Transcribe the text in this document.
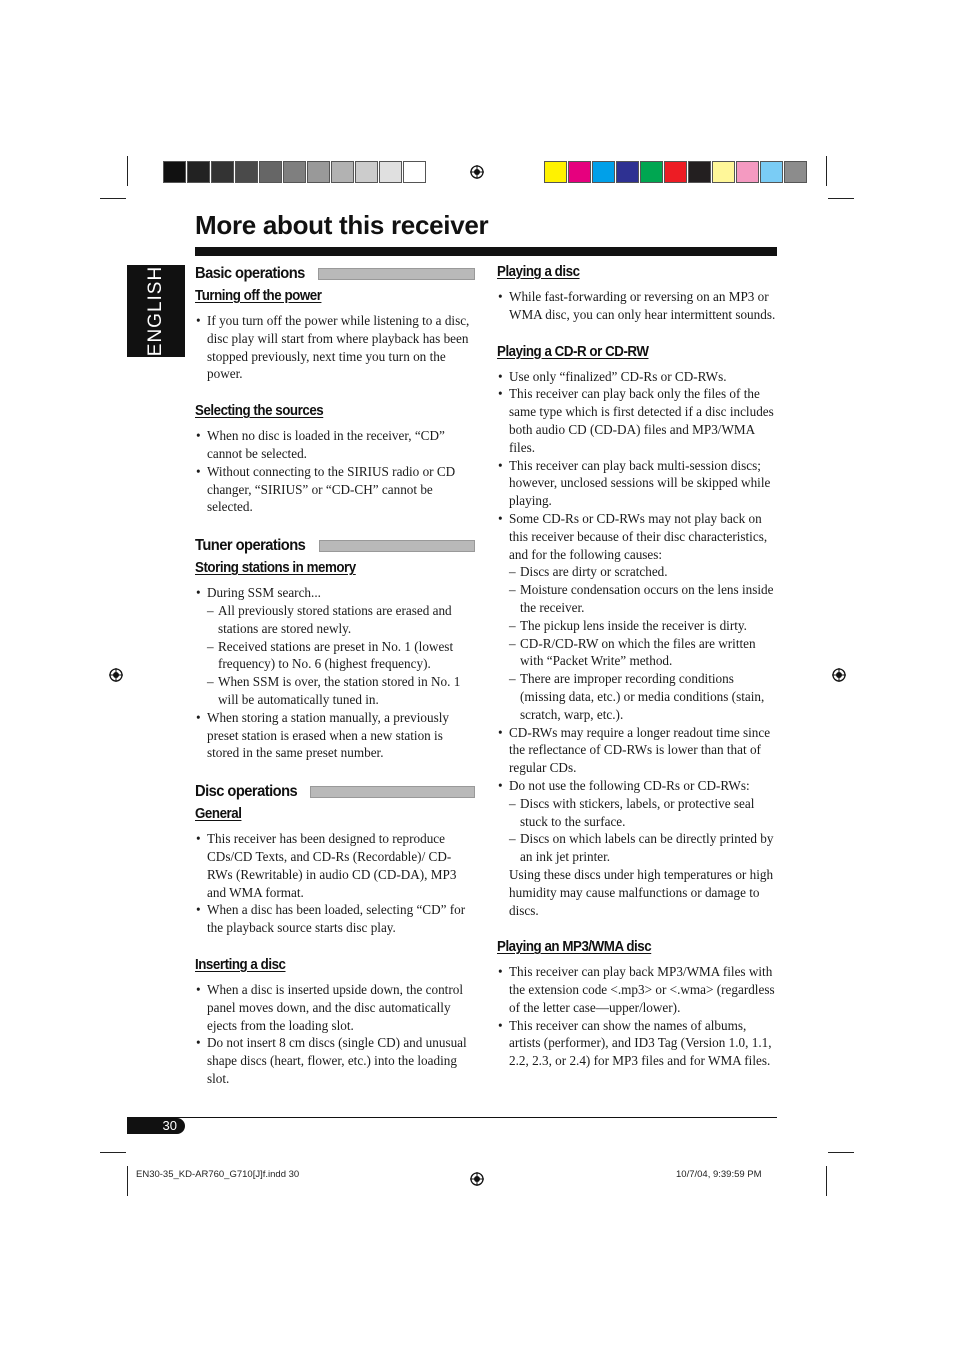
More about this receiver
ENGLISH Basic operations
Turning off the power
• If you turn off the power while listening to a disc, disc play will start from where playback has been stopped previously, next time you turn on the power.
Selecting the sources
• When no disc is loaded in the receiver, “CD” cannot be selected.
• Without connecting to the SIRIUS radio or CD changer, “SIRIUS” or “CD-CH” cannot be selected.
Tuner operations
Storing stations in memory
• During SSM search...
– All previously stored stations are erased and stations are stored newly.
– Received stations are preset in No. 1 (lowest frequency) to No. 6 (highest frequency).
– When SSM is over, the station stored in No. 1 will be automatically tuned in.
• When storing a station manually, a previously preset station is erased when a new station is stored in the same preset number.
Disc operations
General
• This receiver has been designed to reproduce CDs/CD Texts, and CD-Rs (Recordable)/ CD-RWs (Rewritable) in audio CD (CD-DA), MP3 and WMA format.
• When a disc has been loaded, selecting “CD” for the playback source starts disc play.
Inserting a disc
• When a disc is inserted upside down, the control panel moves down, and the disc automatically ejects from the loading slot.
• Do not insert 8 cm discs (single CD) and unusual shape discs (heart, flower, etc.) into the loading slot.
Playing a disc
• While fast-forwarding or reversing on an MP3 or WMA disc, you can only hear intermittent sounds.
Playing a CD-R or CD-RW
• Use only “finalized” CD-Rs or CD-RWs.
• This receiver can play back only the files of the same type which is first detected if a disc includes both audio CD (CD-DA) files and MP3/WMA files.
• This receiver can play back multi-session discs; however, unclosed sessions will be skipped while playing.
• Some CD-Rs or CD-RWs may not play back on this receiver because of their disc characteristics, and for the following causes:
– Discs are dirty or scratched.
– Moisture condensation occurs on the lens inside the receiver.
– The pickup lens inside the receiver is dirty.
– CD-R/CD-RW on which the files are written with “Packet Write” method.
– There are improper recording conditions (missing data, etc.) or media conditions (stain, scratch, warp, etc.).
• CD-RWs may require a longer readout time since the reflectance of CD-RWs is lower than that of regular CDs.
• Do not use the following CD-Rs or CD-RWs:
– Discs with stickers, labels, or protective seal stuck to the surface.
– Discs on which labels can be directly printed by an ink jet printer.
Using these discs under high temperatures or high humidity may cause malfunctions or damage to discs.
Playing an MP3/WMA disc
• This receiver can play back MP3/WMA files with the extension code <.mp3> or <.wma> (regardless of the letter case—upper/lower).
• This receiver can show the names of albums, artists (performer), and ID3 Tag (Version 1.0, 1.1, 2.2, 2.3, or 2.4) for MP3 files and for WMA files.
30
EN30-35_KD-AR760_G710[J]f.indd 30	10/7/04, 9:39:59 PM
